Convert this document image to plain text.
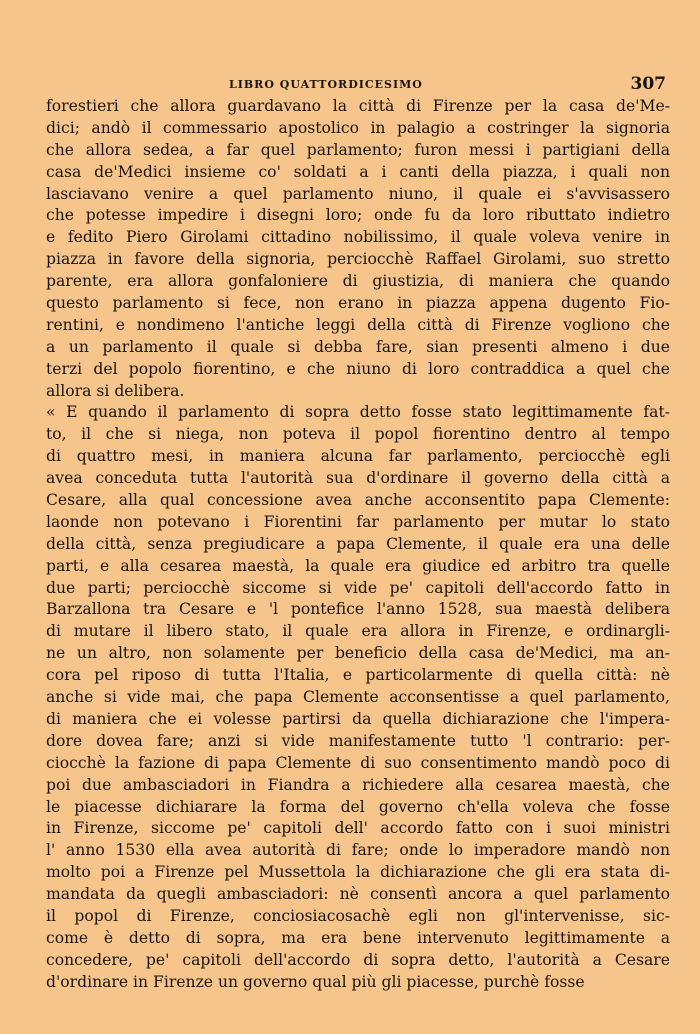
LIBRO QUATTORDICESIMO	307
forestieri che allora guardavano la città di Firenze per la casa de'Me-
dici; andò il commessario apostolico in palagio a costringer la signoria
che allora sedea, a far quel parlamento; furon messi i partigiani della
casa de'Medici insieme co' soldati a i canti della piazza, i quali non
lasciavano venire a quel parlamento niuno, il quale ei s'avvisassero
che potesse impedire i disegni loro; onde fu da loro ributtato indietro
e fedito Piero Girolami cittadino nobilissimo, il quale voleva venire in
piazza in favore della signoria, perciocchè Raffael Girolami, suo stretto
parente, era allora gonfaloniere di giustizia, di maniera che quando
questo parlamento si fece, non erano in piazza appena dugento Fio-
rentini, e nondimeno l'antiche leggi della città di Firenze vogliono che
a un parlamento il quale si debba fare, sian presenti almeno i due
terzi del popolo fiorentino, e che niuno di loro contraddica a quel che
allora si delibera.
« E quando il parlamento di sopra detto fosse stato legittimamente fat-
to, il che si niega, non poteva il popol fiorentino dentro al tempo
di quattro mesi, in maniera alcuna far parlamento, perciocchè egli
avea conceduta tutta l'autorità sua d'ordinare il governo della città a
Cesare, alla qual concessione avea anche acconsentito papa Clemente:
laonde non potevano i Fiorentini far parlamento per mutar lo stato
della città, senza pregiudicare a papa Clemente, il quale era una delle
parti, e alla cesarea maestà, la quale era giudice ed arbitro tra quelle
due parti; perciocchè siccome si vide pe' capitoli dell'accordo fatto in
Barzallona tra Cesare e 'l pontefice l'anno 1528, sua maestà delibera
di mutare il libero stato, il quale era allora in Firenze, e ordinargli-
ne un altro, non solamente per beneficio della casa de'Medici, ma an-
cora pel riposo di tutta l'Italia, e particolarmente di quella città: nè
anche si vide mai, che papa Clemente acconsentisse a quel parlamento,
di maniera che ei volesse partirsi da quella dichiarazione che l'impera-
dore dovea fare; anzi si vide manifestamente tutto 'l contrario: per-
ciocchè la fazione di papa Clemente di suo consentimento mandò poco di
poi due ambasciadori in Fiandra a richiedere alla cesarea maestà, che
le piacesse dichiarare la forma del governo ch'ella voleva che fosse
in Firenze, siccome pe' capitoli dell' accordo fatto con i suoi ministri
l' anno 1530 ella avea autorità di fare; onde lo imperadore mandò non
molto poi a Firenze pel Mussettola la dichiarazione che gli era stata di-
mandata da quegli ambasciadori: nè consentì ancora a quel parlamento
il popol di Firenze, conciosiacosachè egli non gl'intervenisse, sic-
come è detto di sopra, ma era bene intervenuto legittimamente a
concedere, pe' capitoli dell'accordo di sopra detto, l'autorità a Cesare
d'ordinare in Firenze un governo qual più gli piacesse, purchè fosse
